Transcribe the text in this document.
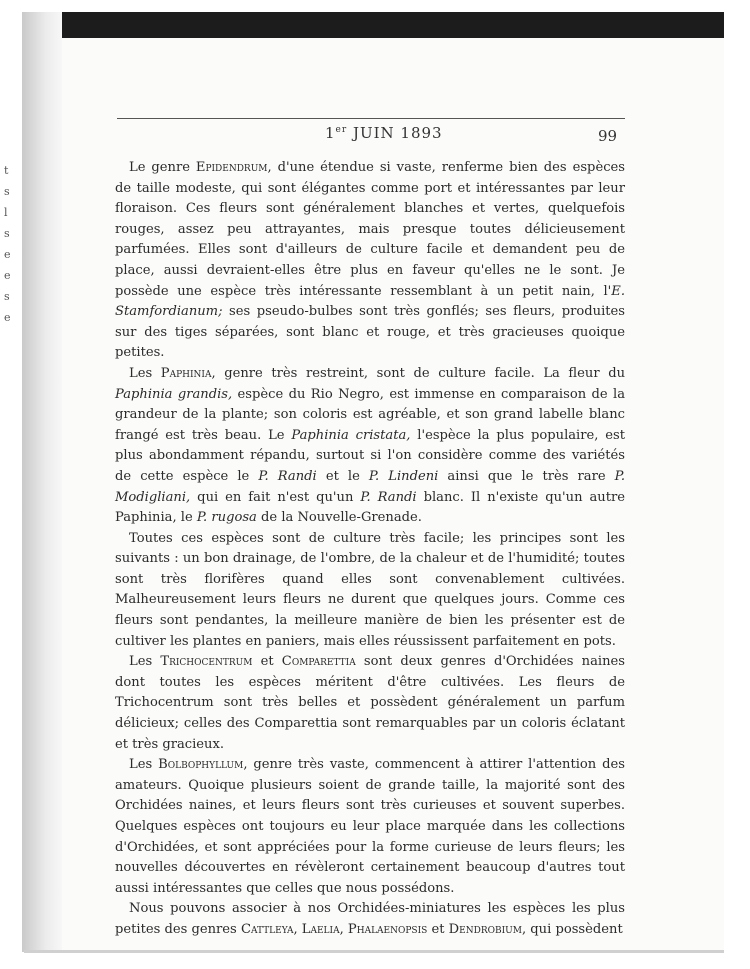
t
s
l
s
e
e
s
e
1er JUIN 1893	99

Le genre Epidendrum, d'une étendue si vaste, renferme bien des espèces de taille modeste, qui sont élégantes comme port et intéressantes par leur floraison. Ces fleurs sont généralement blanches et vertes, quelquefois rouges, assez peu attrayantes, mais presque toutes délicieusement parfumées. Elles sont d'ailleurs de culture facile et demandent peu de place, aussi devraient-elles être plus en faveur qu'elles ne le sont. Je possède une espèce très intéressante ressemblant à un petit nain, l'E. Stamfordianum; ses pseudo-bulbes sont très gonflés; ses fleurs, produites sur des tiges séparées, sont blanc et rouge, et très gracieuses quoique petites.

Les Paphinia, genre très restreint, sont de culture facile. La fleur du Paphinia grandis, espèce du Rio Negro, est immense en comparaison de la grandeur de la plante; son coloris est agréable, et son grand labelle blanc frangé est très beau. Le Paphinia cristata, l'espèce la plus populaire, est plus abondamment répandu, surtout si l'on considère comme des variétés de cette espèce le P. Randi et le P. Lindeni ainsi que le très rare P. Modigliani, qui en fait n'est qu'un P. Randi blanc. Il n'existe qu'un autre Paphinia, le P. rugosa de la Nouvelle-Grenade.

Toutes ces espèces sont de culture très facile; les principes sont les suivants : un bon drainage, de l'ombre, de la chaleur et de l'humidité; toutes sont très florifères quand elles sont convenablement cultivées. Malheureusement leurs fleurs ne durent que quelques jours. Comme ces fleurs sont pendantes, la meilleure manière de bien les présenter est de cultiver les plantes en paniers, mais elles réussissent parfaitement en pots.

Les Trichocentrum et Comparettia sont deux genres d'Orchidées naines dont toutes les espèces méritent d'être cultivées. Les fleurs de Trichocentrum sont très belles et possèdent généralement un parfum délicieux; celles des Comparettia sont remarquables par un coloris éclatant et très gracieux.

Les Bolbophyllum, genre très vaste, commencent à attirer l'attention des amateurs. Quoique plusieurs soient de grande taille, la majorité sont des Orchidées naines, et leurs fleurs sont très curieuses et souvent superbes. Quelques espèces ont toujours eu leur place marquée dans les collections d'Orchidées, et sont appréciées pour la forme curieuse de leurs fleurs; les nouvelles découvertes en révèleront certainement beaucoup d'autres tout aussi intéressantes que celles que nous possédons.

Nous pouvons associer à nos Orchidées-miniatures les espèces les plus petites des genres Cattleya, Laelia, Phalaenopsis et Dendrobium, qui possèdent
